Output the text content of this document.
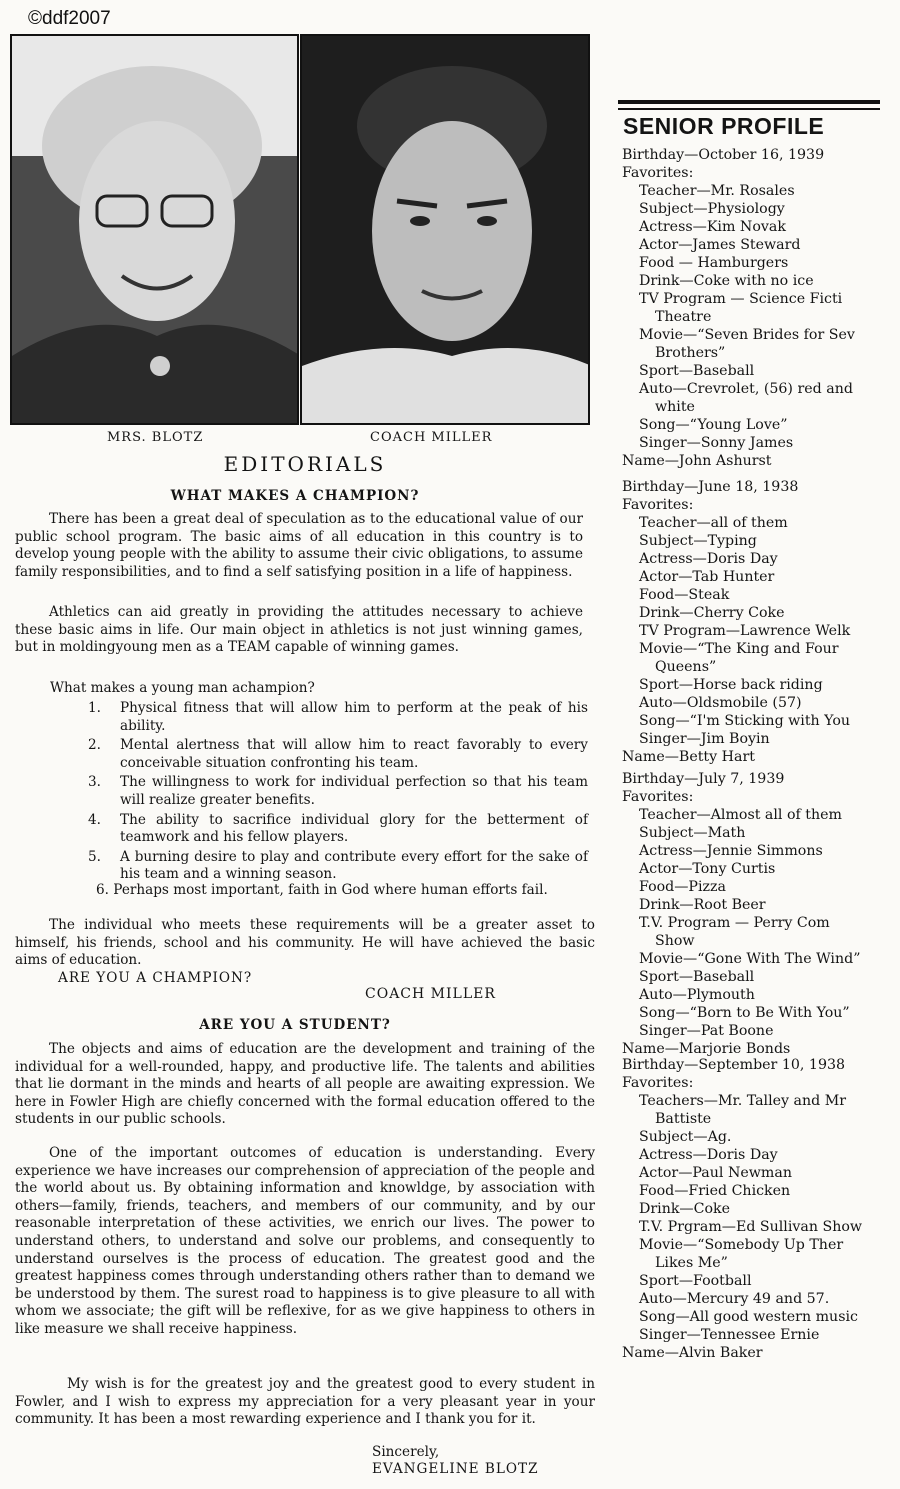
©ddf2007
MRS. BLOTZ	COACH MILLER
EDITORIALS
WHAT MAKES A CHAMPION?

There has been a great deal of speculation as to the educational value of our public school program. The basic aims of all education in this country is to develop young people with the ability to assume their civic obligations, to assume family responsibilities, and to find a self satisfying position in a life of happiness.

Athletics can aid greatly in providing the attitudes necessary to achieve these basic aims in life. Our main object in athletics is not just winning games, but in moldingyoung men as a TEAM capable of winning games.

What makes a young man achampion?
1.	Physical fitness that will allow him to perform at the peak of his ability.
2.	Mental alertness that will allow him to react favorably to every conceivable situation confronting his team.
3.	The willingness to work for individual perfection so that his team will realize greater benefits.
4.	The ability to sacrifice individual glory for the betterment of teamwork and his fellow players.
5.	A burning desire to play and contribute every effort for the sake of his team and a winning season.

6. Perhaps most important, faith in God where human efforts fail.

The individual who meets these requirements will be a greater asset to himself, his friends, school and his community. He will have achieved the basic aims of education.

ARE YOU A CHAMPION?
COACH MILLER
ARE YOU A STUDENT?

The objects and aims of education are the development and training of the individual for a well-rounded, happy, and productive life. The talents and abilities that lie dormant in the minds and hearts of all people are awaiting expression. We here in Fowler High are chiefly concerned with the formal education offered to the students in our public schools.

One of the important outcomes of education is understanding. Every experience we have increases our comprehension of appreciation of the people and the world about us. By obtaining information and knowldge, by association with others—family, friends, teachers, and members of our community, and by our reasonable interpretation of these activities, we enrich our lives. The power to understand others, to understand and solve our problems, and consequently to understand ourselves is the process of education. The greatest good and the greatest happiness comes through understanding others rather than to demand we be understood by them. The surest road to happiness is to give pleasure to all with whom we associate; the gift will be reflexive, for as we give happiness to others in like measure we shall receive happiness.

My wish is for the greatest joy and the greatest good to every student in Fowler, and I wish to express my appreciation for a very pleasant year in your community. It has been a most rewarding experience and I thank you for it.

Sincerely,
EVANGELINE BLOTZ
SENIOR PROFILE
Birthday—October 16, 1939
Favorites:
Teacher—Mr. Rosales
Subject—Physiology
Actress—Kim Novak
Actor—James Steward
Food — Hamburgers
Drink—Coke with no ice
TV Program — Science Ficti
Theatre
Movie—“Seven Brides for Sev
Brothers”
Sport—Baseball
Auto—Crevrolet, (56) red and
white
Song—“Young Love”
Singer—Sonny James
Name—John Ashurst
Birthday—June 18, 1938
Favorites:
Teacher—all of them
Subject—Typing
Actress—Doris Day
Actor—Tab Hunter
Food—Steak
Drink—Cherry Coke
TV Program—Lawrence Welk
Movie—“The King and Four
Queens”
Sport—Horse back riding
Auto—Oldsmobile (57)
Song—“I'm Sticking with You
Singer—Jim Boyin
Name—Betty Hart
Birthday—July 7, 1939
Favorites:
Teacher—Almost all of them
Subject—Math
Actress—Jennie Simmons
Actor—Tony Curtis
Food—Pizza
Drink—Root Beer
T.V. Program — Perry Com
Show
Movie—“Gone With The Wind”
Sport—Baseball
Auto—Plymouth
Song—“Born to Be With You”
Singer—Pat Boone
Name—Marjorie Bonds
Birthday—September 10, 1938
Favorites:
Teachers—Mr. Talley and Mr
Battiste
Subject—Ag.
Actress—Doris Day
Actor—Paul Newman
Food—Fried Chicken
Drink—Coke
T.V. Prgram—Ed Sullivan Show
Movie—“Somebody Up Ther
Likes Me”
Sport—Football
Auto—Mercury 49 and 57.
Song—All good western music
Singer—Tennessee Ernie
Name—Alvin Baker
